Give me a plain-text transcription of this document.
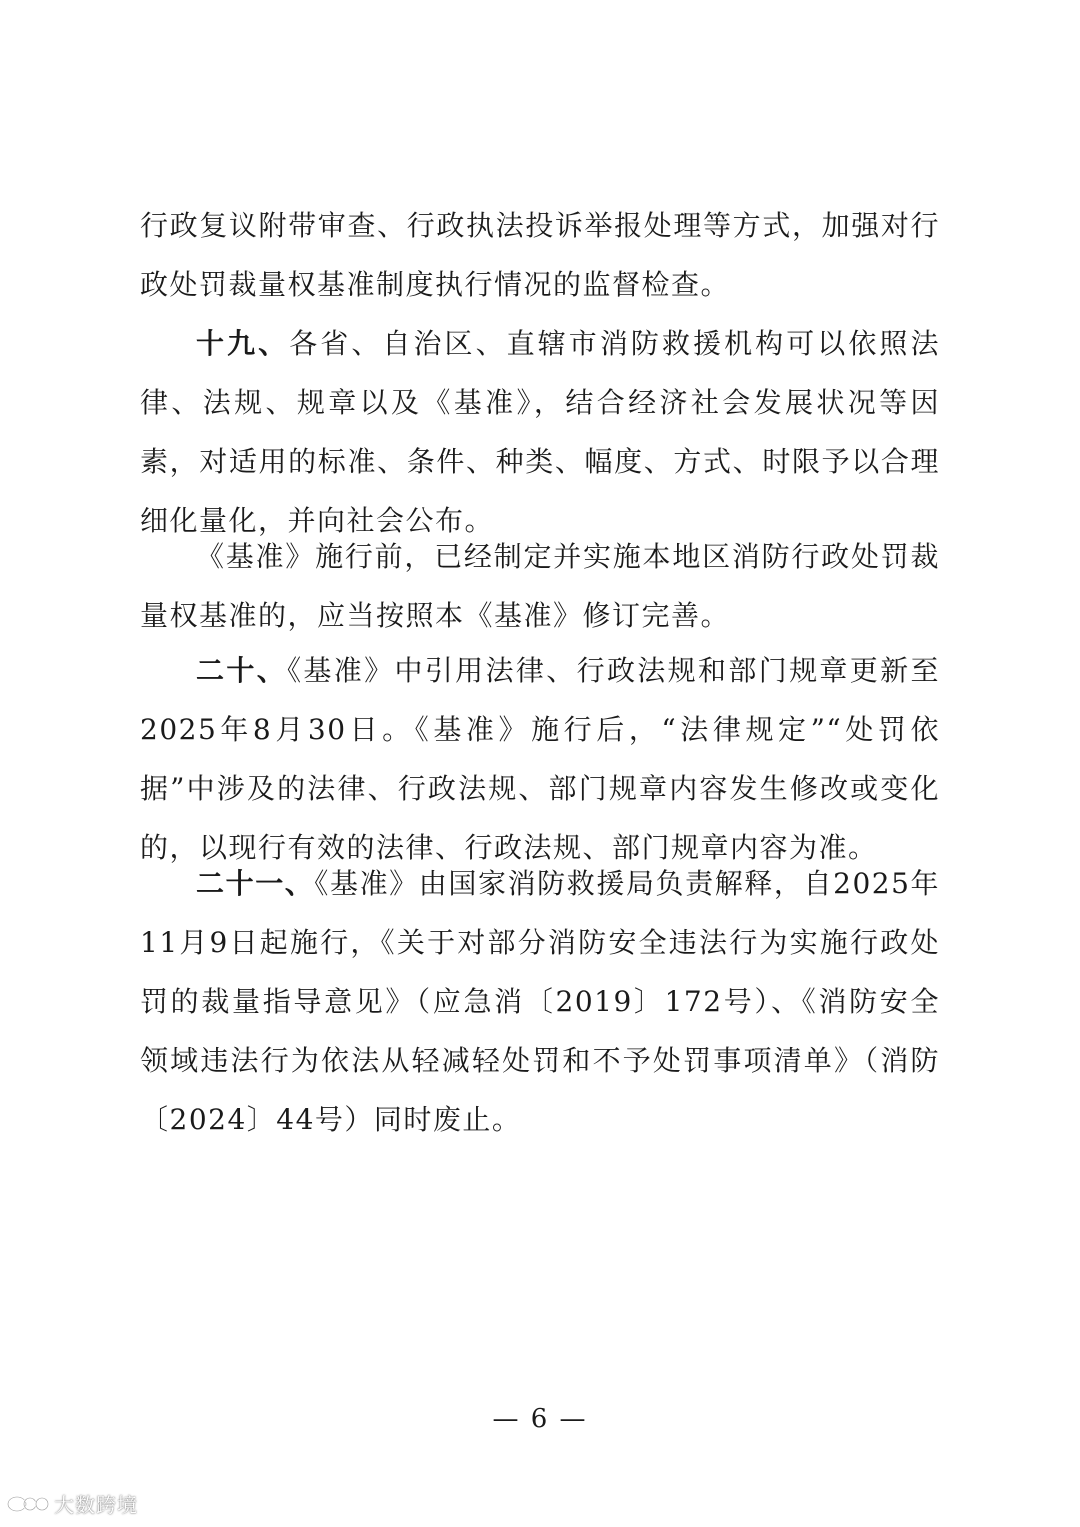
行政复议附带审查、行政执法投诉举报处理等方式，加强对行政处罚裁量权基准制度执行情况的监督检查。

十九、各省、自治区、直辖市消防救援机构可以依照法律、法规、规章以及《基准》，结合经济社会发展状况等因素，对适用的标准、条件、种类、幅度、方式、时限予以合理细化量化，并向社会公布。

《基准》施行前，已经制定并实施本地区消防行政处罚裁量权基准的，应当按照本《基准》修订完善。

二十、《基准》中引用法律、行政法规和部门规章更新至2025年8月30日。《基准》施行后，“法律规定”“处罚依据”中涉及的法律、行政法规、部门规章内容发生修改或变化的，以现行有效的法律、行政法规、部门规章内容为准。

二十一、《基准》由国家消防救援局负责解释，自2025年11月9日起施行，《关于对部分消防安全违法行为实施行政处罚的裁量指导意见》（应急消〔2019〕172号）、《消防安全领域违法行为依法从轻减轻处罚和不予处罚事项清单》（消防〔2024〕44号）同时废止。

— 6 —
大数跨境
